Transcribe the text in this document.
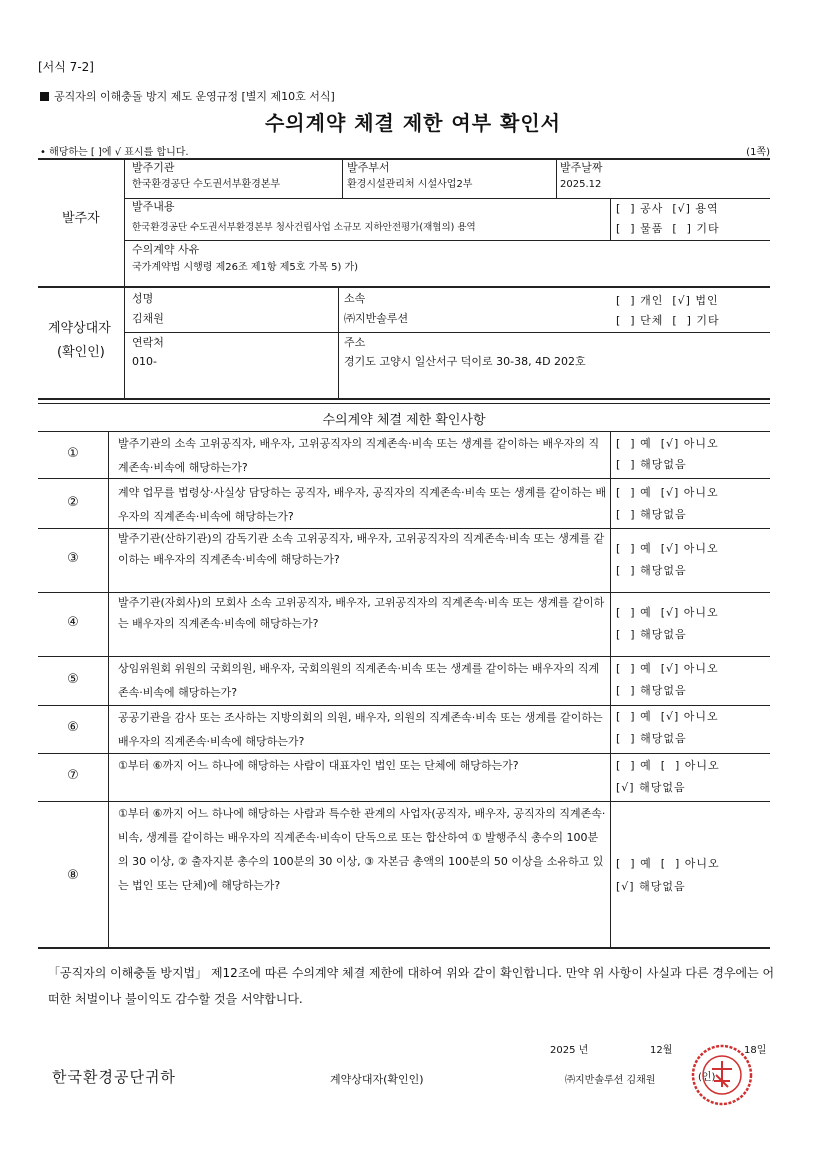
[서식 7-2]
공직자의 이해충돌 방지 제도 운영규정 [별지 제10호 서식]
수의계약 체결 제한 여부 확인서
• 해당하는 [ ]에 √ 표시를 합니다.	(1쪽)
발주자
발주기관
한국환경공단 수도권서부환경본부
발주부서
환경시설관리처 시설사업2부
발주날짜
2025.12
발주내용
한국환경공단 수도권서부환경본부 청사건립사업 소규모 지하안전평가(재협의) 용역
[  ] 공사  [√] 용역
[  ] 물품  [  ] 기타
수의계약 사유
국가계약법 시행령 제26조 제1항 제5호 가목 5) 가)
계약상대자
(확인인)
성명
김채원
소속
㈜지반솔루션
[  ] 개인  [√] 법인
[  ] 단체  [  ] 기타
연락처
010-
주소
경기도 고양시 일산서구 덕이로 30-38, 4D 202호
수의계약 체결 제한 확인사항
①
발주기관의 소속 고위공직자, 배우자, 고위공직자의 직계존속·비속 또는 생계를 같이하는 배우자의 직계존속·비속에 해당하는가?
[  ] 예  [√] 아니오
[  ] 해당없음
②
계약 업무를 법령상·사실상 담당하는 공직자, 배우자, 공직자의 직계존속·비속 또는 생계를 같이하는 배우자의 직계존속·비속에 해당하는가?
[  ] 예  [√] 아니오
[  ] 해당없음
③
발주기관(산하기관)의 감독기관 소속 고위공직자, 배우자, 고위공직자의 직계존속·비속 또는 생계를 같이하는 배우자의 직계존속·비속에 해당하는가?
[  ] 예  [√] 아니오
[  ] 해당없음
④
발주기관(자회사)의 모회사 소속 고위공직자, 배우자, 고위공직자의 직계존속·비속 또는 생계를 같이하는 배우자의 직계존속·비속에 해당하는가?
[  ] 예  [√] 아니오
[  ] 해당없음
⑤
상임위원회 위원의 국회의원, 배우자, 국회의원의 직계존속·비속 또는 생계를 같이하는 배우자의 직계존속·비속에 해당하는가?
[  ] 예  [√] 아니오
[  ] 해당없음
⑥
공공기관을 감사 또는 조사하는 지방의회의 의원, 배우자, 의원의 직계존속·비속 또는 생계를 같이하는 배우자의 직계존속·비속에 해당하는가?
[  ] 예  [√] 아니오
[  ] 해당없음
⑦
①부터 ⑥까지 어느 하나에 해당하는 사람이 대표자인 법인 또는 단체에 해당하는가?	[  ] 예  [  ] 아니오
[√] 해당없음
⑧
①부터 ⑥까지 어느 하나에 해당하는 사람과 특수한 관계의 사업자(공직자, 배우자, 공직자의 직계존속·비속, 생계를 같이하는 배우자의 직계존속·비속이 단독으로 또는 합산하여 ① 발행주식 총수의 100분의 30 이상, ② 출자지분 총수의 100분의 30 이상, ③ 자본금 총액의 100분의 50 이상을 소유하고 있는 법인 또는 단체)에 해당하는가?
[  ] 예  [  ] 아니오
[√] 해당없음
「공직자의 이해충돌 방지법」 제12조에 따른 수의계약 체결 제한에 대하여 위와 같이 확인합니다. 만약 위 사항이 사실과 다른 경우에는 어떠한 처벌이나 불이익도 감수할 것을 서약합니다.
2025 년	12월	18일
한국환경공단귀하	계약상대자(확인인)	㈜지반솔루션 김채원	(인)
